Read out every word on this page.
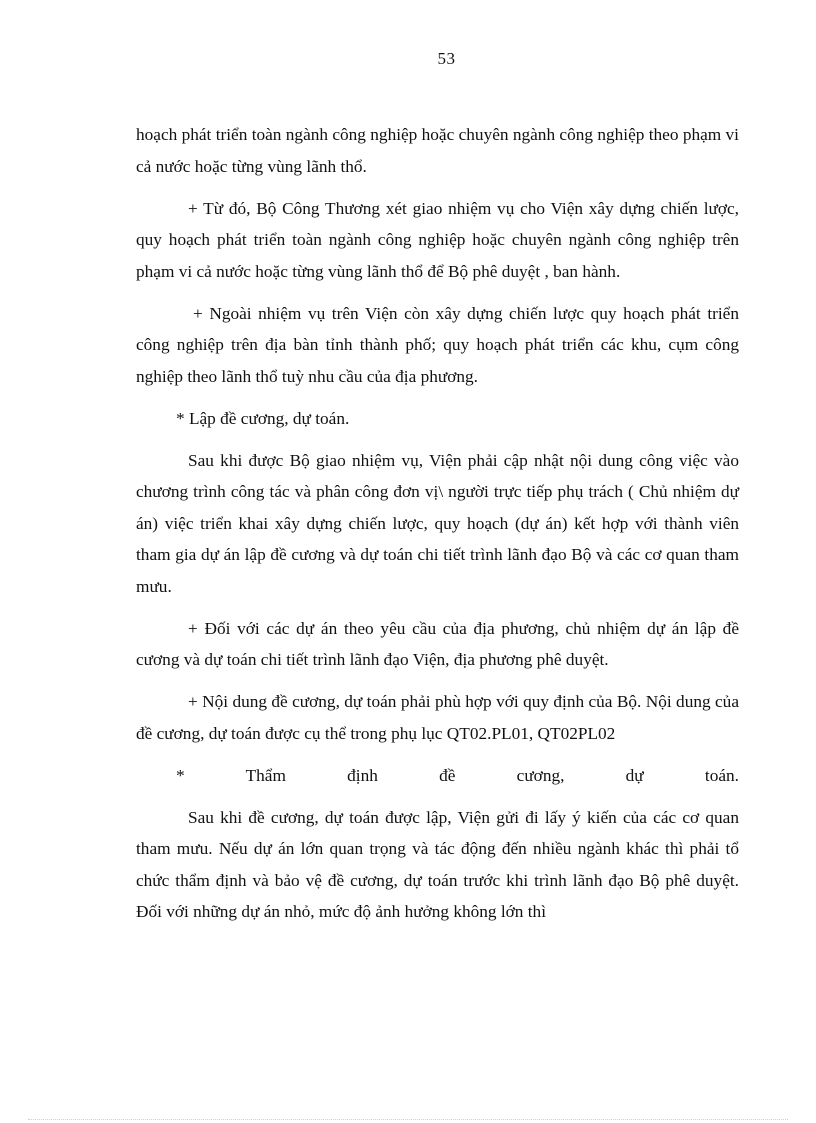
53

hoạch phát triển toàn ngành công nghiệp hoặc chuyên ngành công nghiệp theo phạm vi cả nước hoặc từng vùng lãnh thổ.

+ Từ đó, Bộ Công Thương xét giao nhiệm vụ cho Viện xây dựng chiến lược, quy hoạch phát triển toàn ngành công nghiệp hoặc chuyên ngành công nghiệp trên phạm vi cả nước hoặc từng vùng lãnh thổ để Bộ phê duyệt , ban hành.

+ Ngoài nhiệm vụ trên Viện còn xây dựng chiến lược quy hoạch phát triển công nghiệp trên địa bàn tỉnh thành phố; quy hoạch phát triển các khu, cụm công nghiệp theo lãnh thổ tuỳ nhu cầu của địa phương.

* Lập đề cương, dự toán.

Sau khi được Bộ giao nhiệm vụ, Viện phải cập nhật nội dung công việc vào chương trình công tác và phân công đơn vị\ người trực tiếp phụ trách ( Chủ nhiệm dự án) việc triển khai xây dựng chiến lược, quy hoạch (dự án) kết hợp với thành viên tham gia dự án lập đề cương và dự toán chi tiết trình lãnh đạo Bộ và các cơ quan tham mưu.

+ Đối với các dự án theo yêu cầu của địa phương, chủ nhiệm dự án lập đề cương và dự toán chi tiết trình lãnh đạo Viện, địa phương phê duyệt.

+ Nội dung đề cương, dự toán phải phù hợp với quy định của Bộ. Nội dung của đề cương, dự toán được cụ thể trong phụ lục QT02.PL01, QT02PL02

* Thẩm định đề cương, dự toán.

Sau khi đề cương, dự toán được lập, Viện gửi đi lấy ý kiến của các cơ quan tham mưu. Nếu dự án lớn quan trọng và tác động đến nhiều ngành khác thì phải tổ chức thẩm định và bảo vệ đề cương, dự toán trước khi trình lãnh đạo Bộ phê duyệt. Đối với những dự án nhỏ, mức độ ảnh hưởng không lớn thì
